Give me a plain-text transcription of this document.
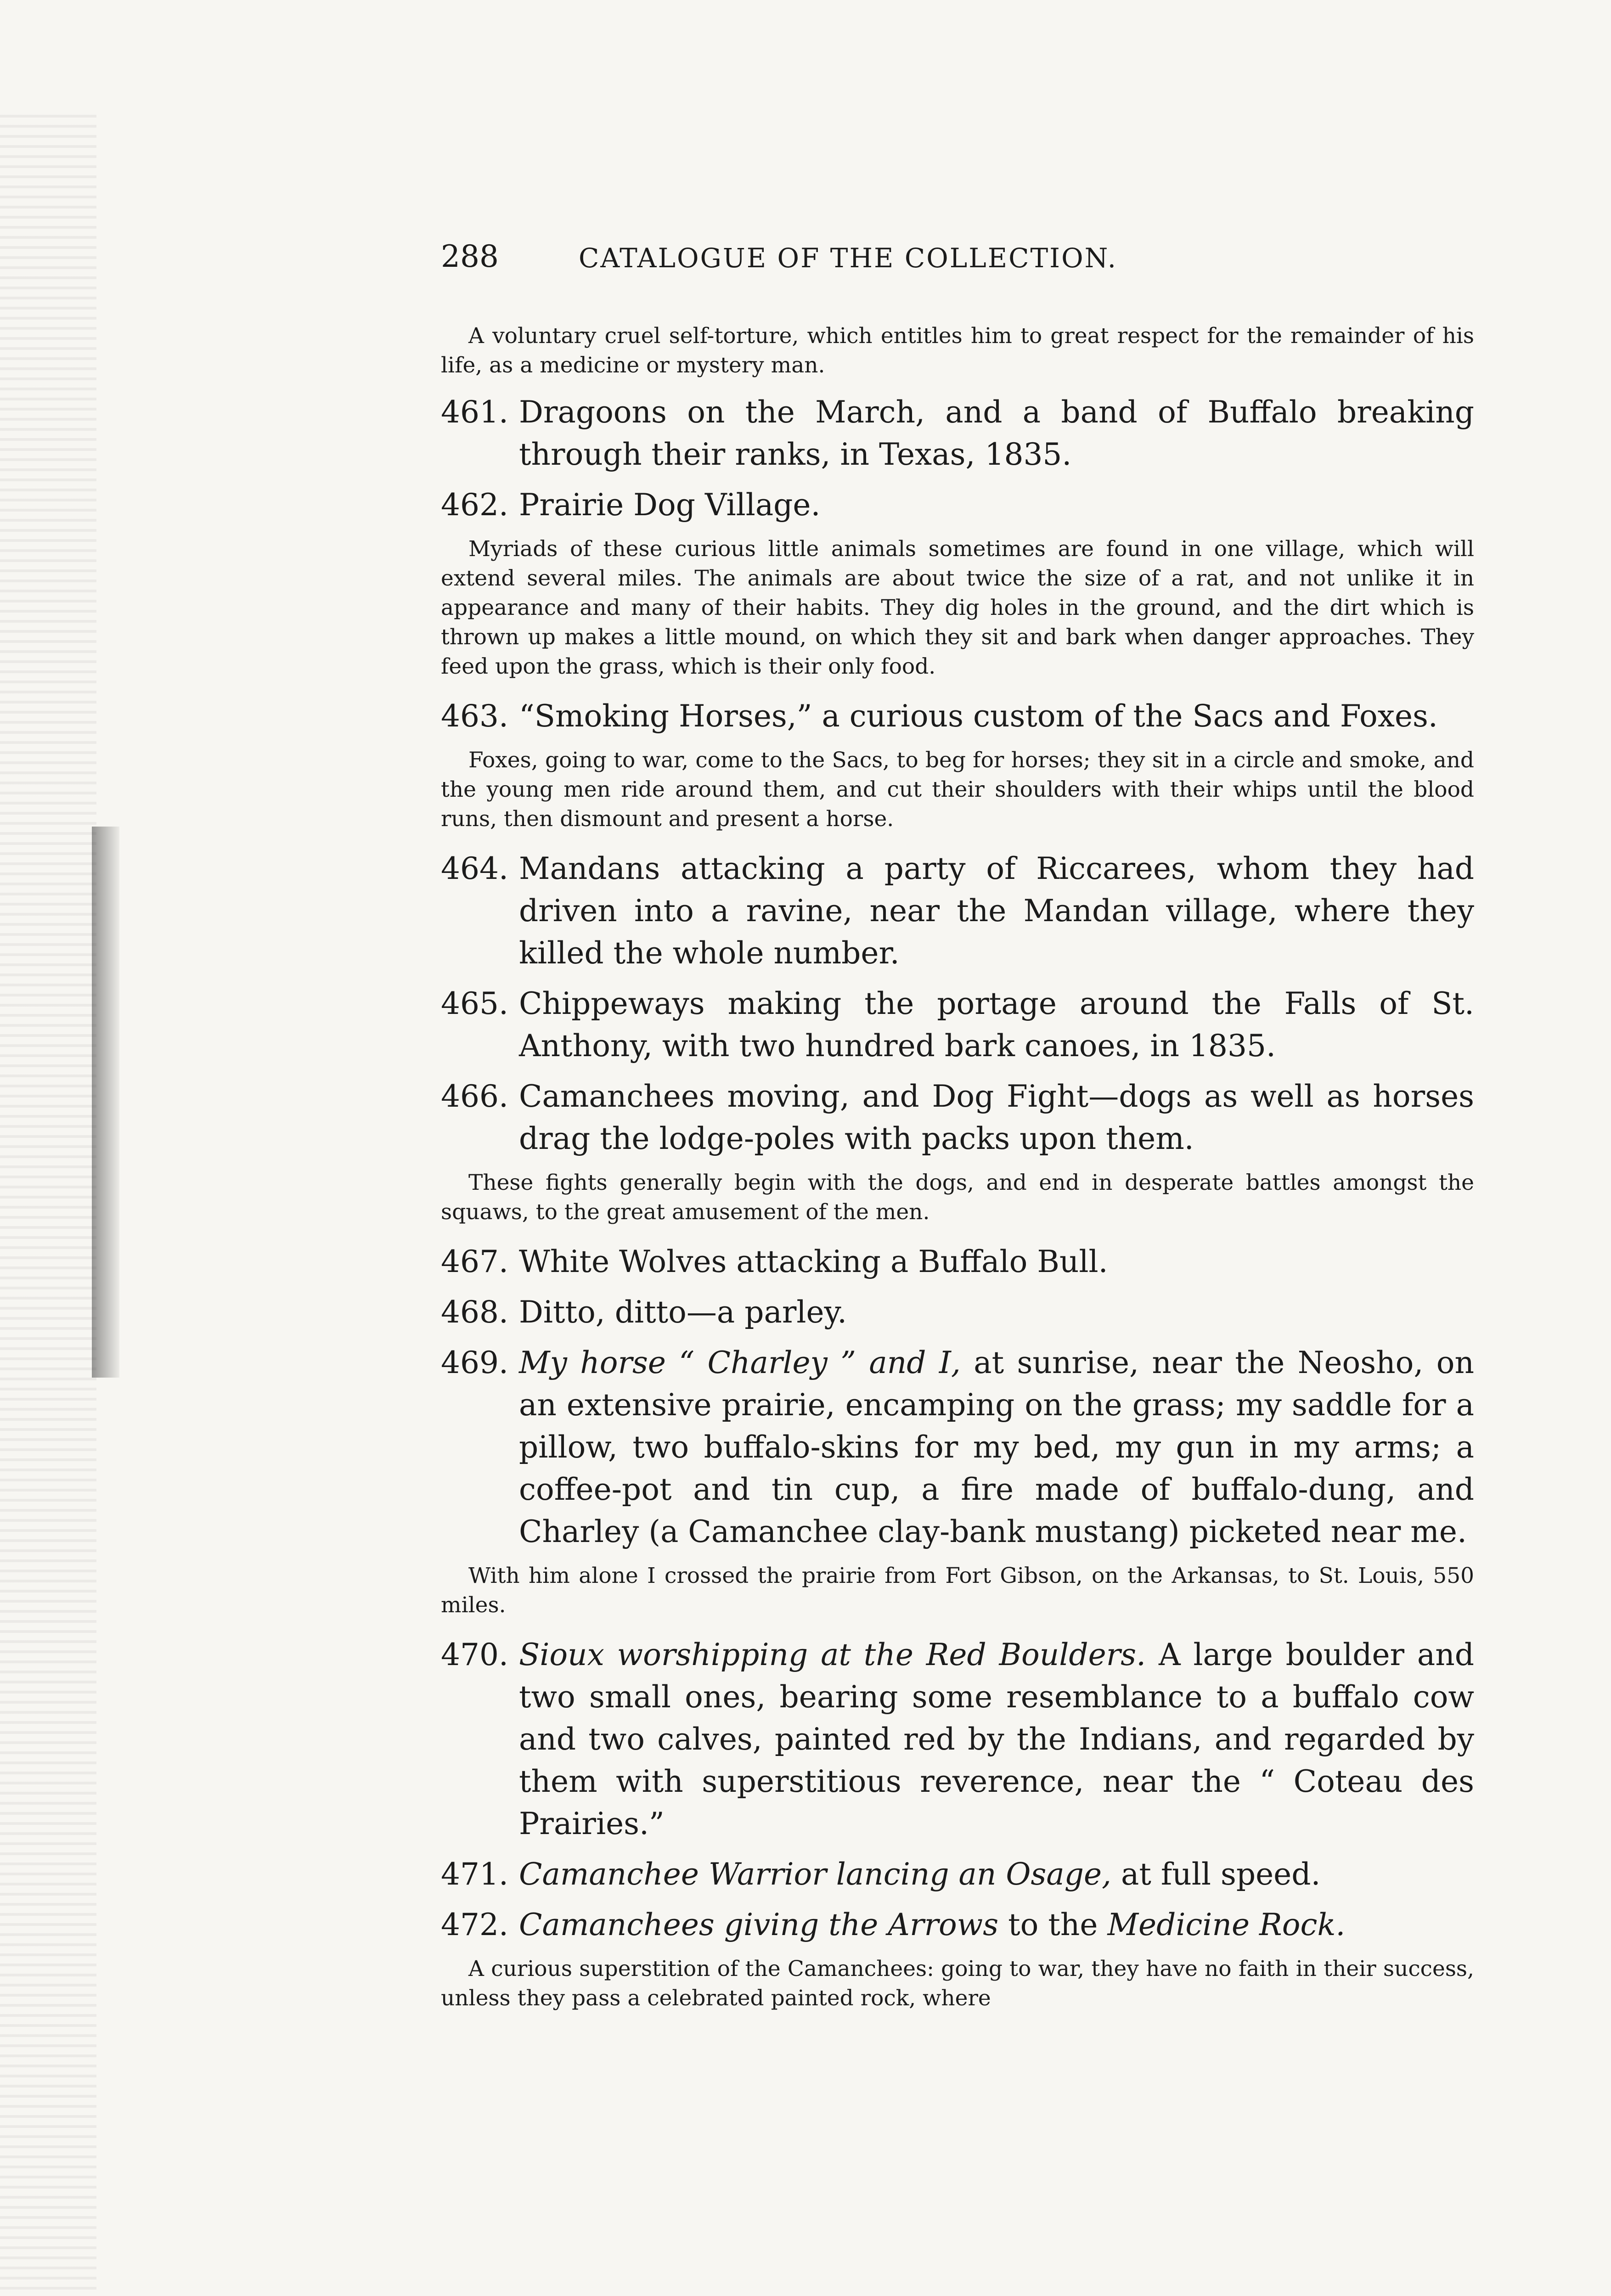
288	CATALOGUE OF THE COLLECTION.

A voluntary cruel self-torture, which entitles him to great respect for the remainder of his life, as a medicine or mystery man.

461. Dragoons on the March, and a band of Buffalo breaking through their ranks, in Texas, 1835.
462. Prairie Dog Village.

Myriads of these curious little animals sometimes are found in one village, which will extend several miles. The animals are about twice the size of a rat, and not unlike it in appearance and many of their habits. They dig holes in the ground, and the dirt which is thrown up makes a little mound, on which they sit and bark when danger approaches. They feed upon the grass, which is their only food.

463. “Smoking Horses,” a curious custom of the Sacs and Foxes.

Foxes, going to war, come to the Sacs, to beg for horses; they sit in a circle and smoke, and the young men ride around them, and cut their shoulders with their whips until the blood runs, then dismount and present a horse.

464. Mandans attacking a party of Riccarees, whom they had driven into a ravine, near the Mandan village, where they killed the whole number.
465. Chippeways making the portage around the Falls of St. Anthony, with two hundred bark canoes, in 1835.
466. Camanchees moving, and Dog Fight—dogs as well as horses drag the lodge-poles with packs upon them.

These fights generally begin with the dogs, and end in desperate battles amongst the squaws, to the great amusement of the men.

467. White Wolves attacking a Buffalo Bull.
468. Ditto, ditto—a parley.
469. My horse “ Charley ” and I, at sunrise, near the Neosho, on an extensive prairie, encamping on the grass; my saddle for a pillow, two buffalo-skins for my bed, my gun in my arms; a coffee-pot and tin cup, a fire made of buffalo-dung, and Charley (a Camanchee clay-bank mustang) picketed near me.

With him alone I crossed the prairie from Fort Gibson, on the Arkansas, to St. Louis, 550 miles.

470. Sioux worshipping at the Red Boulders. A large boulder and two small ones, bearing some resemblance to a buffalo cow and two calves, painted red by the Indians, and regarded by them with superstitious reverence, near the “ Coteau des Prairies.”
471. Camanchee Warrior lancing an Osage, at full speed.
472. Camanchees giving the Arrows to the Medicine Rock.

A curious superstition of the Camanchees: going to war, they have no faith in their success, unless they pass a celebrated painted rock, where
